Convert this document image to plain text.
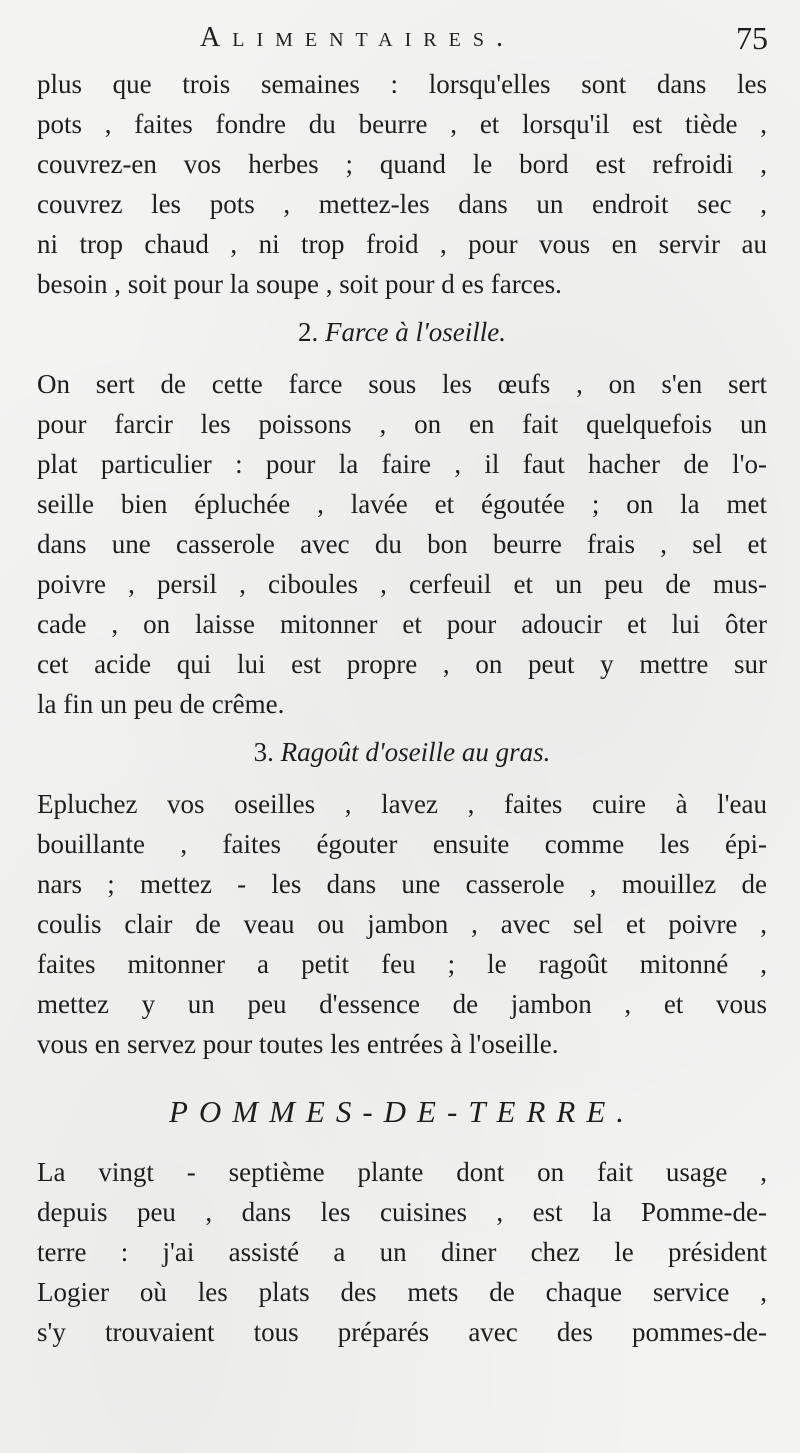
Alimentaires.	75
plus que trois semaines : lorsqu'elles sont dans les
pots , faites fondre du beurre , et lorsqu'il est tiède ,
couvrez-en vos herbes ; quand le bord est refroidi ,
couvrez les pots , mettez-les dans un endroit sec ,
ni trop chaud , ni trop froid , pour vous en servir au
besoin , soit pour la soupe , soit pour d es farces.
2. Farce à l'oseille.
On sert de cette farce sous les œufs , on s'en sert
pour farcir les poissons , on en fait quelquefois un
plat particulier : pour la faire , il faut hacher de l'o-
seille bien épluchée , lavée et égoutée ; on la met
dans une casserole avec du bon beurre frais , sel et
poivre , persil , ciboules , cerfeuil et un peu de mus-
cade , on laisse mitonner et pour adoucir et lui ôter
cet acide qui lui est propre , on peut y mettre sur
la fin un peu de crême.
3. Ragoût d'oseille au gras.
Epluchez vos oseilles , lavez , faites cuire à l'eau
bouillante , faites égouter ensuite comme les épi-
nars ; mettez - les dans une casserole , mouillez de
coulis clair de veau ou jambon , avec sel et poivre ,
faites mitonner a petit feu ; le ragoût mitonné ,
mettez y un peu d'essence de jambon , et vous
vous en servez pour toutes les entrées à l'oseille.
POMMES-DE-TERRE.
La vingt - septième plante dont on fait usage ,
depuis peu , dans les cuisines , est la Pomme-de-
terre : j'ai assisté a un diner chez le président
Logier où les plats des mets de chaque service ,
s'y trouvaient tous préparés avec des pommes-de-
